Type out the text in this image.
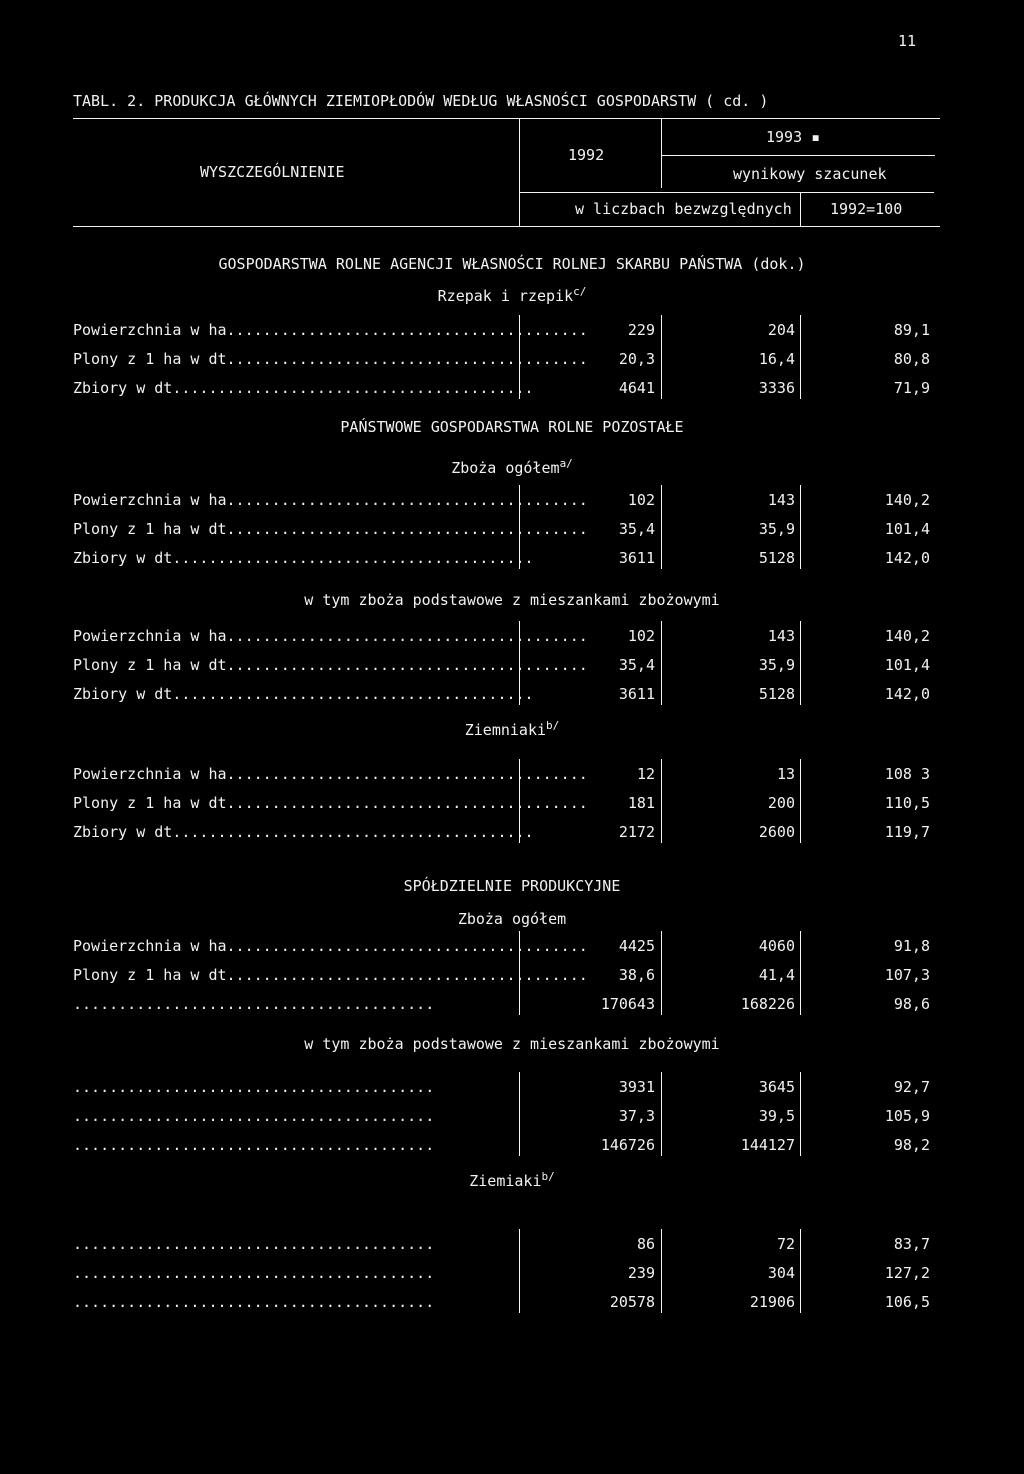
11
TABL. 2. PRODUKCJA GŁÓWNYCH ZIEMIOPŁODÓW WEDŁUG WŁASNOŚCI GOSPODARSTW ( cd. )
WYSZCZEGÓLNIENIE
1992
1993 ▪
wynikowy szacunek
w liczbach bezwzględnych	1992=100
GOSPODARSTWA ROLNE AGENCJI WŁASNOŚCI ROLNEJ SKARBU PAŃSTWA (dok.)
Rzepak i rzepik$^{c/}$
Powierzchnia w ha........................................	229	204	89,1
Plony z 1 ha w dt........................................	20,3	16,4	80,8
Zbiory w dt........................................	4641	3336	71,9
PAŃSTWOWE GOSPODARSTWA ROLNE POZOSTAŁE
Zboża ogółem$^{a/}$
Powierzchnia w ha........................................	102	143	140,2
Plony z 1 ha w dt........................................	35,4	35,9	101,4
Zbiory w dt........................................	3611	5128	142,0
w tym zboża podstawowe z mieszankami zbożowymi
Powierzchnia w ha........................................	102	143	140,2
Plony z 1 ha w dt........................................	35,4	35,9	101,4
Zbiory w dt........................................	3611	5128	142,0
Ziemniaki$^{b/}$
Powierzchnia w ha........................................	12	13	108 3
Plony z 1 ha w dt........................................	181	200	110,5
Zbiory w dt........................................	2172	2600	119,7
SPÓŁDZIELNIE PRODUKCYJNE
Zboża ogółem
Powierzchnia w ha........................................	4425	4060	91,8
Plony z 1 ha w dt........................................	38,6	41,4	107,3
........................................	170643	168226	98,6
w tym zboża podstawowe z mieszankami zbożowymi
........................................	3931	3645	92,7
........................................	37,3	39,5	105,9
........................................	146726	144127	98,2
Ziemiaki$^{b/}$
........................................	86	72	83,7
........................................	239	304	127,2
........................................	20578	21906	106,5
